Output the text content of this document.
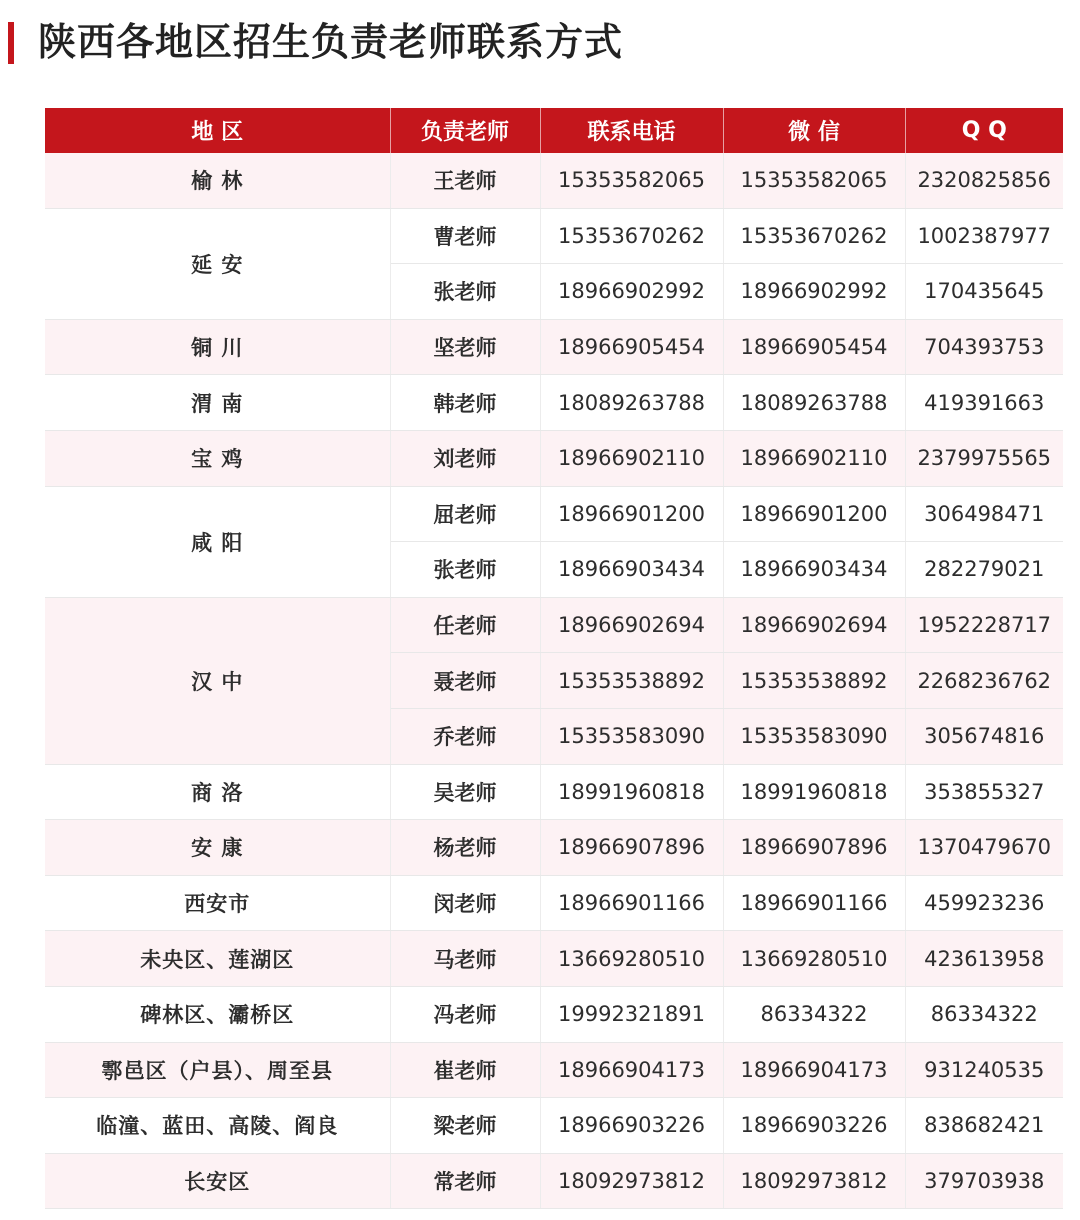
陕西各地区招生负责老师联系方式
地 区	负责老师	联系电话	微 信	Q Q
榆 林	王老师	15353582065	15353582065	2320825856
延 安	曹老师	15353670262	15353670262	1002387977
	张老师	18966902992	18966902992	170435645
铜 川	坚老师	18966905454	18966905454	704393753
渭 南	韩老师	18089263788	18089263788	419391663
宝 鸡	刘老师	18966902110	18966902110	2379975565
咸 阳	屈老师	18966901200	18966901200	306498471
	张老师	18966903434	18966903434	282279021
汉 中	任老师	18966902694	18966902694	1952228717
	聂老师	15353538892	15353538892	2268236762
	乔老师	15353583090	15353583090	305674816
商 洛	吴老师	18991960818	18991960818	353855327
安 康	杨老师	18966907896	18966907896	1370479670
西安市	闵老师	18966901166	18966901166	459923236
未央区、莲湖区	马老师	13669280510	13669280510	423613958
碑林区、灞桥区	冯老师	19992321891	86334322	86334322
鄠邑区（户县）、周至县	崔老师	18966904173	18966904173	931240535
临潼、蓝田、高陵、阎良	梁老师	18966903226	18966903226	838682421
长安区	常老师	18092973812	18092973812	379703938
